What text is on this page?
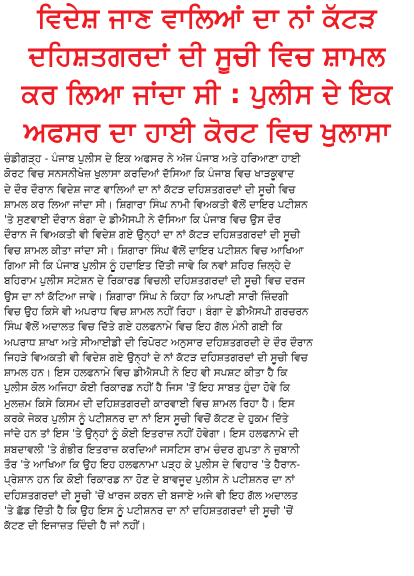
ਵਿਦੇਸ਼ ਜਾਣ ਵਾਲਿਆਂ ਦਾ ਨਾਂ ਕੱਟੜ
ਦਹਿਸ਼ਤਗਰਦਾਂ ਦੀ ਸੂਚੀ ਵਿਚ ਸ਼ਾਮਲ
ਕਰ ਲਿਆ ਜਾਂਦਾ ਸੀ : ਪੁਲੀਸ ਦੇ ਇਕ
ਅਫਸਰ ਦਾ ਹਾਈ ਕੋਰਟ ਵਿਚ ਖੁਲਾਸਾ
ਚੰਡੀਗੜ੍ਹ - ਪੰਜਾਬ ਪੁਲੀਸ ਦੇ ਇਕ ਅਫਸਰ ਨੇ ਅੱਜ ਪੰਜਾਬ ਅਤੇ ਹਰਿਆਣਾ ਹਾਈ
ਕੋਰਟ ਵਿਚ ਸਨਸਨੀਖੇਜ਼ ਖੁਲਾਸਾ ਕਰਦਿਆਂ ਦੱਸਿਆ ਕਿ ਪੰਜਾਬ ਵਿਚ ਖਾੜਕੂਵਾਦ
ਦੇ ਦੌਰ ਦੌਰਾਨ ਵਿਦੇਸ਼ ਜਾਣ ਵਾਲਿਆਂ ਦਾ ਨਾਂ ਕੱਟੜ ਦਹਿਸ਼ਤਗਰਦਾਂ ਦੀ ਸੂਚੀ ਵਿਚ
ਸ਼ਾਮਲ ਕਰ ਲਿਆ ਜਾਂਦਾ ਸੀ। ਸ਼ਿਗਾਰਾ ਸਿੰਘ ਨਾਮੀ ਵਿਅਕਤੀ ਵੱਲੋਂ ਦਾਇਰ ਪਟੀਸ਼ਨ
'ਤੇ ਸੁਣਵਾਈ ਦੌਰਾਨ ਬੰਗਾ ਦੇ ਡੀਐਸਪੀ ਨੇ ਦੱਸਿਆ ਕਿ ਪੰਜਾਬ ਵਿਚ ਉਸ ਦੌਰ
ਦੌਰਾਨ ਜੋ ਵਿਅਕਤੀ ਵੀ ਵਿਦੇਸ਼ ਗਏ ਉਨ੍ਹਾਂ ਦਾ ਨਾਂ ਕੱਟੜ ਦਹਿਸ਼ਤਗਰਦਾਂ ਦੀ ਸੂਚੀ
ਵਿਚ ਸ਼ਾਮਲ ਕੀਤਾ ਜਾਂਦਾ ਸੀ। ਸ਼ਿਗਾਰਾ ਸਿੰਘ ਵੱਲੋਂ ਦਾਇਰ ਪਟੀਸ਼ਨ ਵਿਚ ਆਖਿਆ
ਗਿਆ ਸੀ ਕਿ ਪੰਜਾਬ ਪੁਲੀਸ ਨੂੰ ਹਦਾਇਤ ਦਿੱਤੀ ਜਾਵੇ ਕਿ ਨਵਾਂ ਸ਼ਹਿਰ ਜ਼ਿਲ੍ਹੇ ਦੇ
ਬਹਿਰਾਮ ਪੁਲੀਸ ਸਟੇਸ਼ਨ ਦੇ ਰਿਕਾਰਡ ਵਿਚਲੀ ਦਹਿਸ਼ਤਗਰਦਾਂ ਦੀ ਸੂਚੀ ਵਿਚ ਦਰਜ
ਉਸ ਦਾ ਨਾਂ ਕੱਟਿਆ ਜਾਵੇ। ਸ਼ਿਗਾਰਾ ਸਿੰਘ ਨੇ ਕਿਹਾ ਕਿ ਆਪਣੀ ਸਾਰੀ ਜ਼ਿੰਦਗੀ
ਵਿਚ ਉਹ ਕਿਸੇ ਵੀ ਅਪਰਾਧ ਵਿਚ ਸ਼ਾਮਲ ਨਹੀਂ ਰਿਹਾ। ਬੰਗਾ ਦੇ ਡੀਐਸਪੀ ਗਰਚਰਨ
ਸਿੰਘ ਵੱਲੋਂ ਅਦਾਲਤ ਵਿਚ ਦਿੱਤੇ ਗਏ ਹਲਫਨਾਮੇ ਵਿਚ ਇਹ ਗੱਲ ਮੰਨੀ ਗਈ ਕਿ
ਅਪਰਾਧ ਸ਼ਾਖਾ ਅਤੇ ਸੀਆਈਡੀ ਦੀ ਰਿਪੋਰਟ ਅਨੁਸਾਰ ਦਹਿਸ਼ਤਗਰਦੀ ਦੇ ਦੌਰ ਦੌਰਾਨ
ਜਿਹੜੇ ਵਿਅਕਤੀ ਵੀ ਵਿਦੇਸ਼ ਗਏ ਉਨ੍ਹਾਂ ਦੇ ਨਾਂ ਕੱਟੜ ਦਹਿਸ਼ਤਗਰਦਾਂ ਦੀ ਸੂਚੀ ਵਿਚ
ਸ਼ਾਮਲ ਹਨ। ਇਸ ਹਲਫਨਾਮੇ ਵਿਚ ਡੀਐਸਪੀ ਨੇ ਇਹ ਵੀ ਸਪਸ਼ਟ ਕੀਤਾ ਹੈ ਕਿ
ਪੁਲੀਸ ਕੋਲ ਅਜਿਹਾ ਕੋਈ ਰਿਕਾਰਡ ਨਹੀਂ ਹੈ ਜਿਸ 'ਤੋਂ ਇਹ ਸਾਬਤ ਹੁੰਦਾ ਹੋਵੇ ਕਿ
ਮੁਲਜ਼ਮ ਕਿਸੇ ਕਿਸਮ ਦੀ ਦਹਿਸ਼ਤਗਰਦੀ ਕਾਰਵਾਈ ਵਿਚ ਸ਼ਾਮਲ ਰਿਹਾ ਹੈ। ਇਸ
ਕਰਕੇ ਜੇਕਰ ਪੁਲੀਸ ਨੂੰ ਪਟੀਸ਼ਨਰ ਦਾ ਨਾਂ ਇਸ ਸੂਚੀ ਵਿਚੋਂ ਕੱਟਣ ਦੇ ਹੁਕਮ ਦਿੱਤੇ
ਜਾਂਦੇ ਹਨ ਤਾਂ ਇਸ 'ਤੇ ਉਨ੍ਹਾਂ ਨੂੰ ਕੋਈ ਇਤਰਾਜ਼ ਨਹੀਂ ਹੋਵੇਗਾ। ਇਸ ਹਲਫਨਾਮੇ ਦੀ
ਸ਼ਬਦਾਵਲੀ 'ਤੇ ਗੰਭੀਰ ਇਤਰਾਜ਼ ਕਰਦਿਆਂ ਜਸਟਿਸ ਰਾਮ ਚੰਦਰ ਗੁਪਤਾ ਨੇ ਜ਼ੁਬਾਨੀ
ਤੌਰ 'ਤੇ ਆਖਿਆ ਕਿ ਉਹ ਇਹ ਹਲਫਨਾਮਾ ਪੜ੍ਹ ਕੇ ਪੁਲੀਸ ਦੇ ਵਿਹਾਰ 'ਤੇ ਹੈਰਾਨ-
ਪ੍ਰੇਸ਼ਾਨ ਹਨ ਕਿ ਕੋਈ ਰਿਕਾਰਡ ਨਾ ਹੋਣ ਦੇ ਬਾਵਜੂਦ ਪੁਲੀਸ ਨੇ ਪਟੀਸ਼ਨਰ ਦਾ ਨਾਂ
ਦਹਿਸ਼ਤਗਰਦਾਂ ਦੀ ਸੂਚੀ 'ਚੋਂ ਖਾਰਜ ਕਰਨ ਦੀ ਬਜਾਏ ਅਜੇ ਵੀ ਇਹ ਗੱਲ ਅਦਾਲਤ
'ਤੇ ਛੱਡ ਦਿੱਤੀ ਹੈ ਕਿ ਉਹ ਇਸ ਨੂੰ ਪਟੀਸ਼ਨਰ ਦਾ ਨਾਂ ਦਹਿਸ਼ਤਗਰਦਾਂ ਦੀ ਸੂਚੀ 'ਚੋਂ
ਕੱਟਣ ਦੀ ਇਜਾਜ਼ਤ ਦਿੰਦੀ ਹੈ ਜਾਂ ਨਹੀਂ।
